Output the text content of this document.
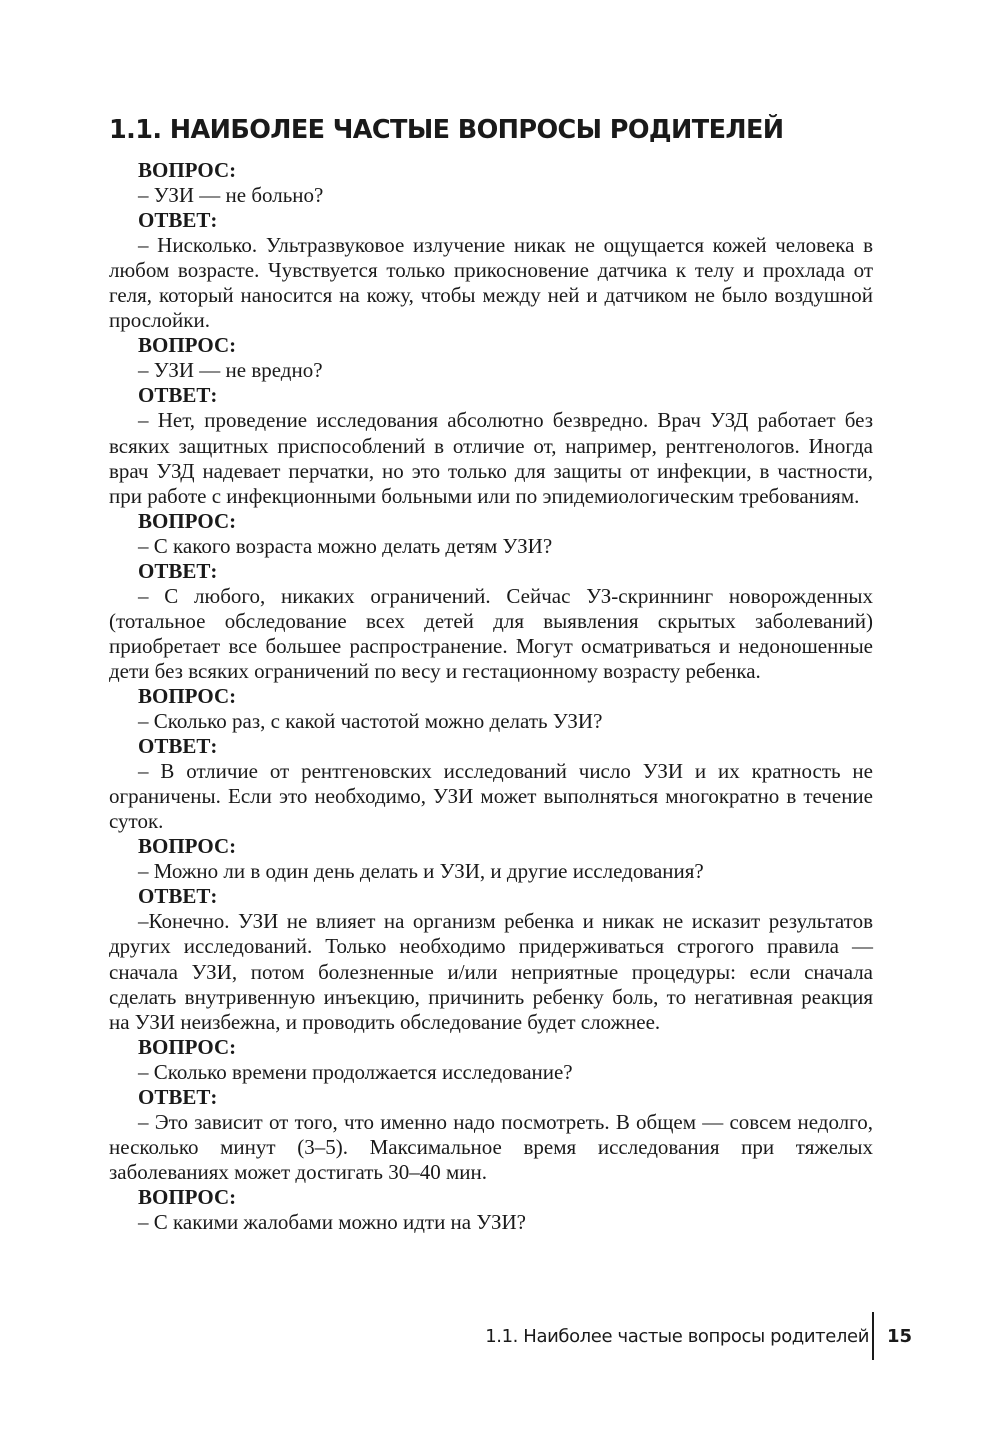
1.1. НАИБОЛЕЕ ЧАСТЫЕ ВОПРОСЫ РОДИТЕЛЕЙ
ВОПРОС:
– УЗИ — не больно?
ОТВЕТ:

– Нисколько. Ультразвуковое излучение никак не ощущается кожей человека в любом возрасте. Чувствуется только прикосновение датчика к телу и прохлада от геля, который наносится на кожу, чтобы между ней и датчиком не было воздушной прослойки.

ВОПРОС:
– УЗИ — не вредно?
ОТВЕТ:

– Нет, проведение исследования абсолютно безвредно. Врач УЗД работает без всяких защитных приспособлений в отличие от, например, рентгенологов. Иногда врач УЗД надевает перчатки, но это только для защиты от инфекции, в частности, при работе с инфекционными больными или по эпидемиологическим требованиям.

ВОПРОС:
– С какого возраста можно делать детям УЗИ?
ОТВЕТ:

– С любого, никаких ограничений. Сейчас УЗ-скриннинг новорожденных (тотальное обследование всех детей для выявления скрытых заболеваний) приобретает все большее распространение. Могут осматриваться и недоношенные дети без всяких ограничений по весу и гестационному возрасту ребенка.

ВОПРОС:
– Сколько раз, с какой частотой можно делать УЗИ?
ОТВЕТ:

– В отличие от рентгеновских исследований число УЗИ и их кратность не ограничены. Если это необходимо, УЗИ может выполняться многократно в течение суток.

ВОПРОС:
– Можно ли в один день делать и УЗИ, и другие исследования?
ОТВЕТ:

–Конечно. УЗИ не влияет на организм ребенка и никак не исказит результатов других исследований. Только необходимо придерживаться строгого правила — сначала УЗИ, потом болезненные и/или неприятные процедуры: если сначала сделать внутривенную инъекцию, причинить ребенку боль, то негативная реакция на УЗИ неизбежна, и проводить обследование будет сложнее.

ВОПРОС:
– Сколько времени продолжается исследование?
ОТВЕТ:

– Это зависит от того, что именно надо посмотреть. В общем — совсем недолго, несколько минут (3–5). Максимальное время исследования при тяжелых заболеваниях может достигать 30–40 мин.

ВОПРОС:
– С какими жалобами можно идти на УЗИ?
1.1. Наиболее частые вопросы родителей 15
